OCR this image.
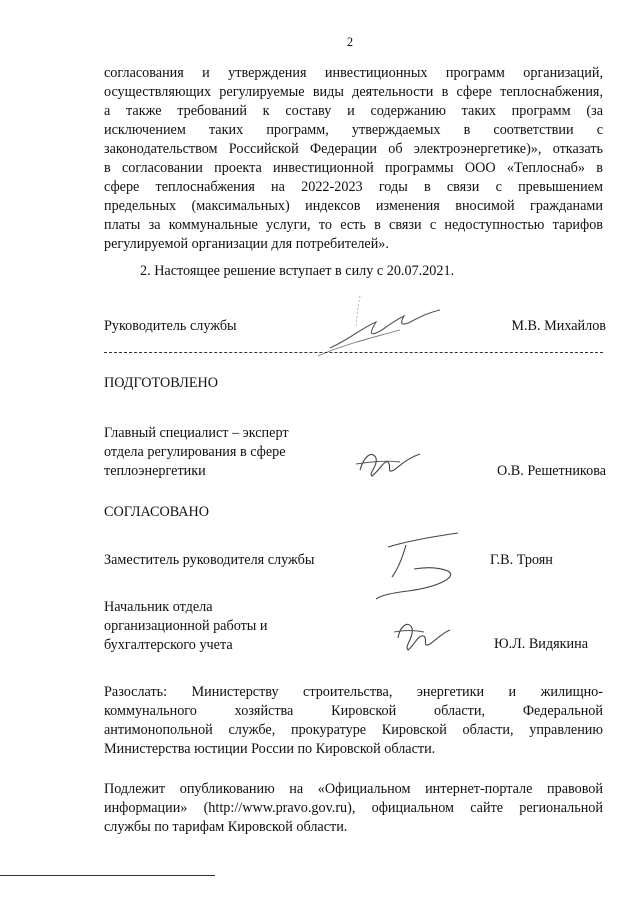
2
согласования и утверждения инвестиционных программ организаций,
осуществляющих регулируемые виды деятельности в сфере теплоснабжения,
а также требований к составу и содержанию таких программ (за
исключением таких программ, утверждаемых в соответствии с
законодательством Российской Федерации об электроэнергетике)», отказать
в согласовании проекта инвестиционной программы ООО «Теплоснаб» в
сфере теплоснабжения на 2022-2023 годы в связи с превышением
предельных (максимальных) индексов изменения вносимой гражданами
платы за коммунальные услуги, то есть в связи с недоступностью тарифов
регулируемой организации для потребителей».
2. Настоящее решение вступает в силу с 20.07.2021.
Руководитель службы	М.В. Михайлов
ПОДГОТОВЛЕНО
Главный специалист – эксперт
отдела регулирования в сфере
теплоэнергетики	О.В. Решетникова
СОГЛАСОВАНО
Заместитель руководителя службы	Г.В. Троян
Начальник отдела
организационной работы и
бухгалтерского учета	Ю.Л. Видякина
Разослать: Министерству строительства, энергетики и жилищно-
коммунального хозяйства Кировской области, Федеральной
антимонопольной службе, прокуратуре Кировской области, управлению
Министерства юстиции России по Кировской области.
Подлежит опубликованию на «Официальном интернет-портале правовой
информации» (http://www.pravo.gov.ru), официальном сайте региональной
службы по тарифам Кировской области.
